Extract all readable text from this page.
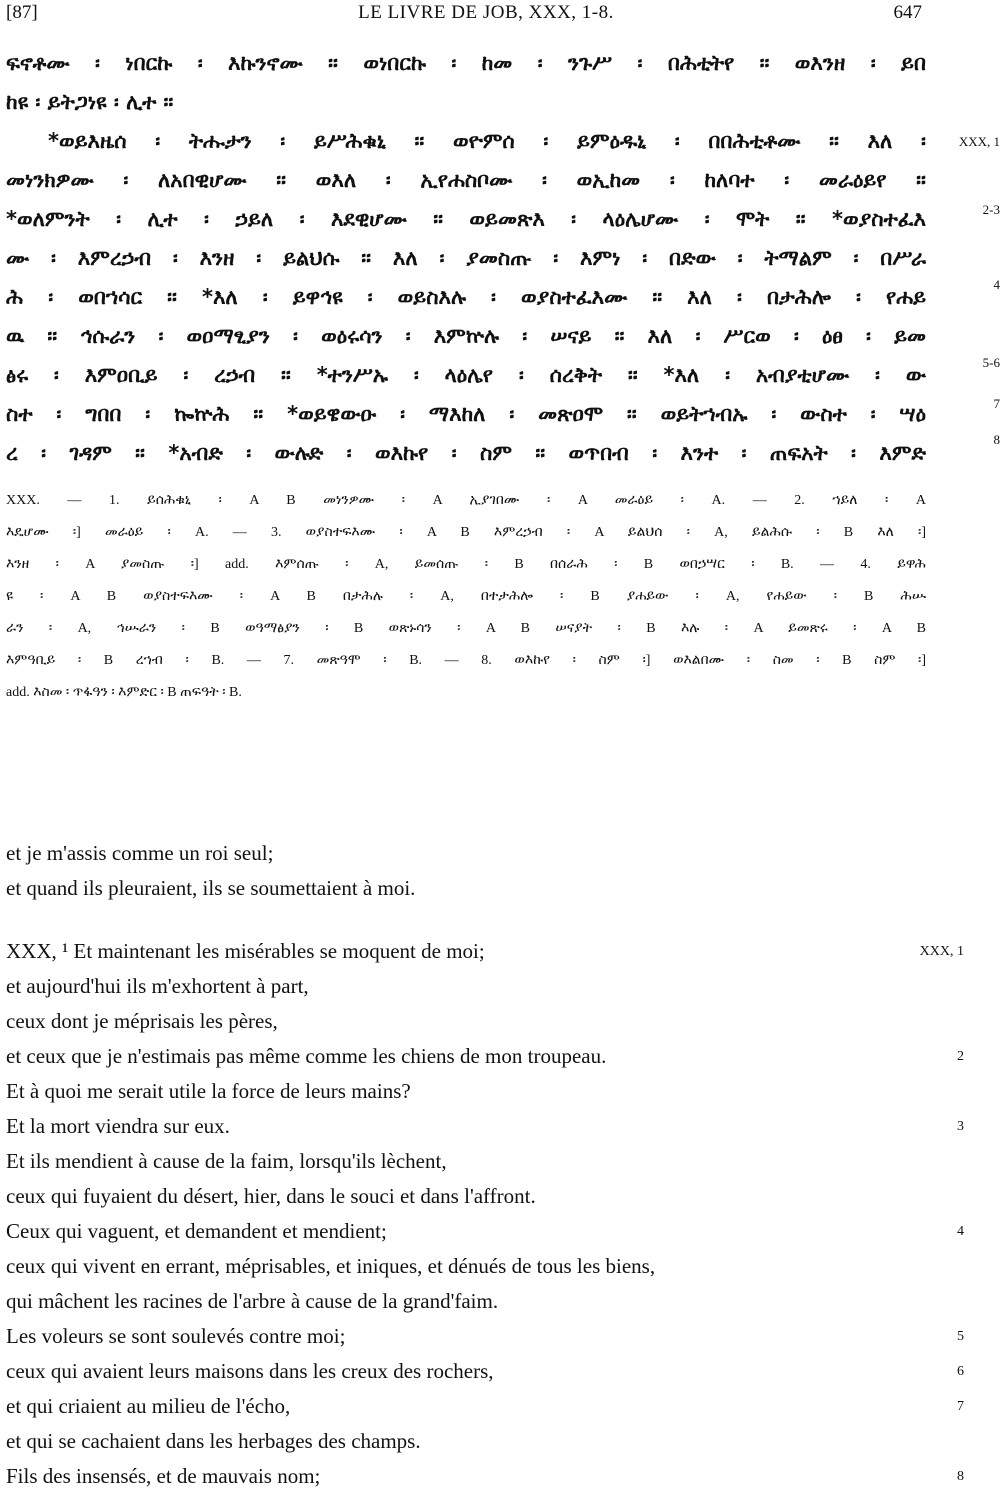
[87]	LE LIVRE DE JOB, XXX, 1-8.	647
ፍኖቶሙ ፡ ነበርኩ ፡ እኩንኖሙ ። ወነበርኩ ፡ ከመ ፡ ንጉሥ ፡ በሕቲትየ ። ወእንዘ ፡ ይበ
ከዩ ፡ ይትጋነዩ ፡ ሊተ ።
*ወይእዜሰ ፡ ትሑታን ፡ ይሥሕቁኒ ። ወዮምሰ ፡ ይምዕዱኒ ፡ በበሕቲቶሙ ። እለ ፡
መነንክዎሙ ፡ ለአበዊሆሙ ። ወእለ ፡ ኢየሐስቦሙ ፡ ወኢከመ ፡ ከለባተ ፡ መራዕይየ ።
*ወለምንት ፡ ሊተ ፡ ኃይለ ፡ እደዊሆሙ ። ወይመጽእ ፡ ላዕሌሆሙ ፡ ሞት ። *ወያስተፈእ
ሙ ፡ እምረኃብ ፡ እንዘ ፡ ይልህሱ ። እለ ፡ ያመስጡ ፡ እምነ ፡ በድው ፡ ትማልም ፡ በሥራ
ሕ ፡ ወበኀሳር ። *እለ ፡ ይዋኅዩ ፡ ወይስእሉ ፡ ወያስተፈእሙ ። እለ ፡ በታሕሎ ፡ የሐይ
ዉ ። ኅሱራን ፡ ወዐማፂያን ፡ ወዕሩሳን ፡ እምኵሉ ፡ ሠናይ ። እለ ፡ ሥርወ ፡ ዕፀ ፡ ይመ
ፅሩ ፡ እምዐቢይ ፡ ረኃብ ። *ተንሥኡ ፡ ላዕሌየ ፡ ሰረቅት ። *እለ ፡ አብያቲሆሙ ፡ ው
ስተ ፡ ግበበ ፡ ኰኵሕ ። *ወይዌውዑ ፡ ማእከለ ፡ መጽዐሞ ። ወይትኀብኡ ፡ ውስተ ፡ ሣዕ
ረ ፡ ገዳም ። *አብድ ፡ ውሉድ ፡ ወእኩየ ፡ ስም ። ወጥበብ ፡ እንተ ፡ ጠፍአት ፡ እምድ
XXX, 1
2-3
4
5-6
7
8
XXX. — 1. ይሰሕቁኒ ፡ A B መነንዎሙ ፡ A ኢያገበሙ ፡ A መራዕይ ፡ A. — 2. ኀይለ ፡ A
እዴሆሙ ፡] መራዕይ ፡ A. — 3. ወያስተፍእሙ ፡ A B እምረኃብ ፡ A ይልህሰ ፡ A, ይልሕሱ ፡ B እለ ፡]
እንዘ ፡ A ያመስጡ ፡] add. እምሰጡ ፡ A, ይመሰጡ ፡ B በሰራሕ ፡ B ወበኃሣር ፡ B. — 4. ይዋሕ
ዩ ፡ A B ወያስተፍእሙ ፡ A B በታሕሉ ፡ A, በተታሕሎ ፡ B ያሐይው ፡ A, የሐይው ፡ B ሕሡ
ራን ፡ A, ኅሡራን ፡ B ወዓማፅያን ፡ B ወጽኑሳን ፡ A B ሠናያት ፡ B እሉ ፡ A ይመጽሩ ፡ A B
እምዓቢይ ፡ B ረኀብ ፡ B. — 7. መጽዓሞ ፡ B. — 8. ወእኩየ ፡ ስም ፡] ወእልበሙ ፡ ስመ ፡ B ስም ፡]
add. እስመ ፡ ጥፋዓን ፡ እምድር ፡ B ጠፍዓት ፡ B.
et je m'assis comme un roi seul;
et quand ils pleuraient, ils se soumettaient à moi.
XXX, ¹ Et maintenant les misérables se moquent de moi;	XXX, 1
et aujourd'hui ils m'exhortent à part,
ceux dont je méprisais les pères,
et ceux que je n'estimais pas même comme les chiens de mon troupeau.	2
Et à quoi me serait utile la force de leurs mains?
Et la mort viendra sur eux.	3
Et ils mendient à cause de la faim, lorsqu'ils lèchent,
ceux qui fuyaient du désert, hier, dans le souci et dans l'affront.
Ceux qui vaguent, et demandent et mendient;	4
ceux qui vivent en errant, méprisables, et iniques, et dénués de tous les biens,
qui mâchent les racines de l'arbre à cause de la grand'faim.
Les voleurs se sont soulevés contre moi;	5
ceux qui avaient leurs maisons dans les creux des rochers,	6
et qui criaient au milieu de l'écho,	7
et qui se cachaient dans les herbages des champs.
Fils des insensés, et de mauvais nom;	8
